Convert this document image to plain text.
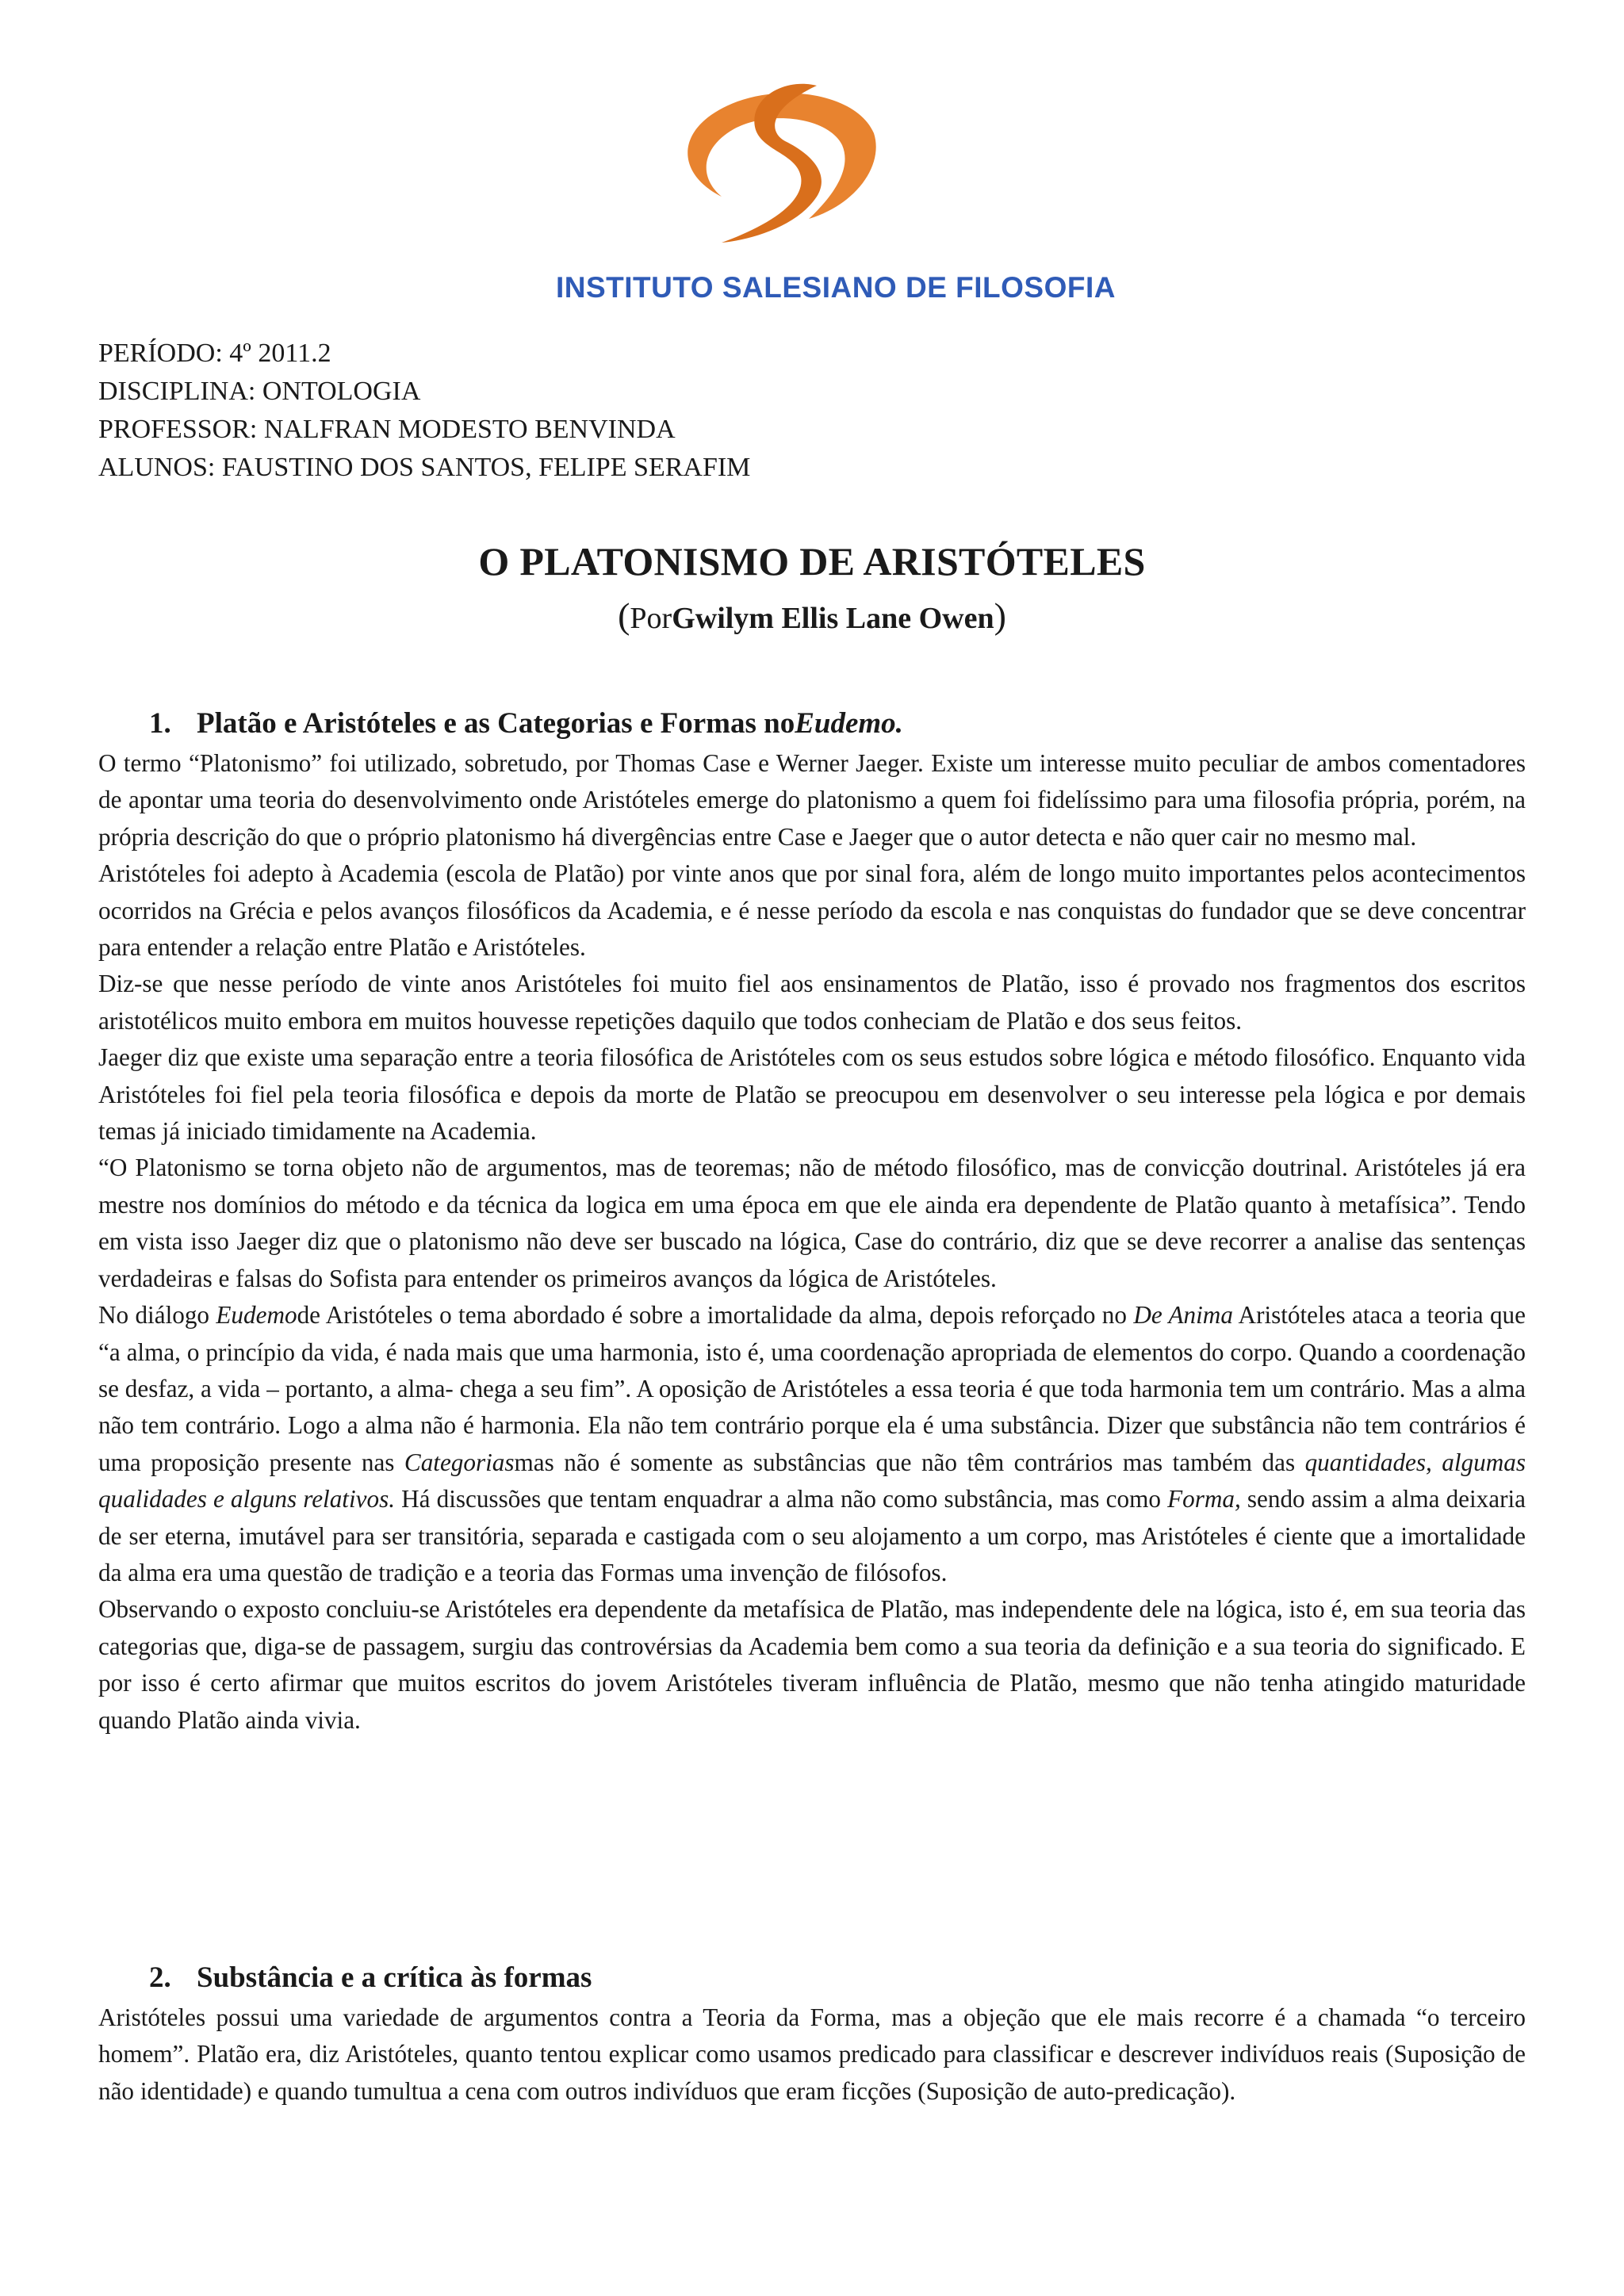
INSTITUTO SALESIANO DE FILOSOFIA
PERÍODO: 4º 2011.2
DISCIPLINA: ONTOLOGIA
PROFESSOR: NALFRAN MODESTO BENVINDA
ALUNOS: FAUSTINO DOS SANTOS, FELIPE SERAFIM
O PLATONISMO DE ARISTÓTELES
(PorGwilym Ellis Lane Owen)
1. Platão e Aristóteles e as Categorias e Formas noEudemo.

O termo “Platonismo” foi utilizado, sobretudo, por Thomas Case e Werner Jaeger. Existe um interesse muito peculiar de ambos comentadores de apontar uma teoria do desenvolvimento onde Aristóteles emerge do platonismo a quem foi fidelíssimo para uma filosofia própria, porém, na própria descrição do que o próprio platonismo há divergências entre Case e Jaeger que o autor detecta e não quer cair no mesmo mal.

Aristóteles foi adepto à Academia (escola de Platão) por vinte anos que por sinal fora, além de longo muito importantes pelos acontecimentos ocorridos na Grécia e pelos avanços filosóficos da Academia, e é nesse período da escola e nas conquistas do fundador que se deve concentrar para entender a relação entre Platão e Aristóteles.

Diz-se que nesse período de vinte anos Aristóteles foi muito fiel aos ensinamentos de Platão, isso é provado nos fragmentos dos escritos aristotélicos muito embora em muitos houvesse repetições daquilo que todos conheciam de Platão e dos seus feitos.

Jaeger diz que existe uma separação entre a teoria filosófica de Aristóteles com os seus estudos sobre lógica e método filosófico. Enquanto vida Aristóteles foi fiel pela teoria filosófica e depois da morte de Platão se preocupou em desenvolver o seu interesse pela lógica e por demais temas já iniciado timidamente na Academia.

“O Platonismo se torna objeto não de argumentos, mas de teoremas; não de método filosófico, mas de convicção doutrinal. Aristóteles já era mestre nos domínios do método e da técnica da logica em uma época em que ele ainda era dependente de Platão quanto à metafísica”. Tendo em vista isso Jaeger diz que o platonismo não deve ser buscado na lógica, Case do contrário, diz que se deve recorrer a analise das sentenças verdadeiras e falsas do Sofista para entender os primeiros avanços da lógica de Aristóteles.

No diálogo Eudemode Aristóteles o tema abordado é sobre a imortalidade da alma, depois reforçado no De Anima Aristóteles ataca a teoria que “a alma, o princípio da vida, é nada mais que uma harmonia, isto é, uma coordenação apropriada de elementos do corpo. Quando a coordenação se desfaz, a vida – portanto, a alma- chega a seu fim”. A oposição de Aristóteles a essa teoria é que toda harmonia tem um contrário. Mas a alma não tem contrário. Logo a alma não é harmonia. Ela não tem contrário porque ela é uma substância. Dizer que substância não tem contrários é uma proposição presente nas Categoriasmas não é somente as substâncias que não têm contrários mas também das quantidades, algumas qualidades e alguns relativos. Há discussões que tentam enquadrar a alma não como substância, mas como Forma, sendo assim a alma deixaria de ser eterna, imutável para ser transitória, separada e castigada com o seu alojamento a um corpo, mas Aristóteles é ciente que a imortalidade da alma era uma questão de tradição e a teoria das Formas uma invenção de filósofos.

Observando o exposto concluiu-se Aristóteles era dependente da metafísica de Platão, mas independente dele na lógica, isto é, em sua teoria das categorias que, diga-se de passagem, surgiu das controvérsias da Academia bem como a sua teoria da definição e a sua teoria do significado. E por isso é certo afirmar que muitos escritos do jovem Aristóteles tiveram influência de Platão, mesmo que não tenha atingido maturidade quando Platão ainda vivia.

2. Substância e a crítica às formas

Aristóteles possui uma variedade de argumentos contra a Teoria da Forma, mas a objeção que ele mais recorre é a chamada “o terceiro homem”. Platão era, diz Aristóteles, quanto tentou explicar como usamos predicado para classificar e descrever indivíduos reais (Suposição de não identidade) e quando tumultua a cena com outros indivíduos que eram ficções (Suposição de auto-predicação).
